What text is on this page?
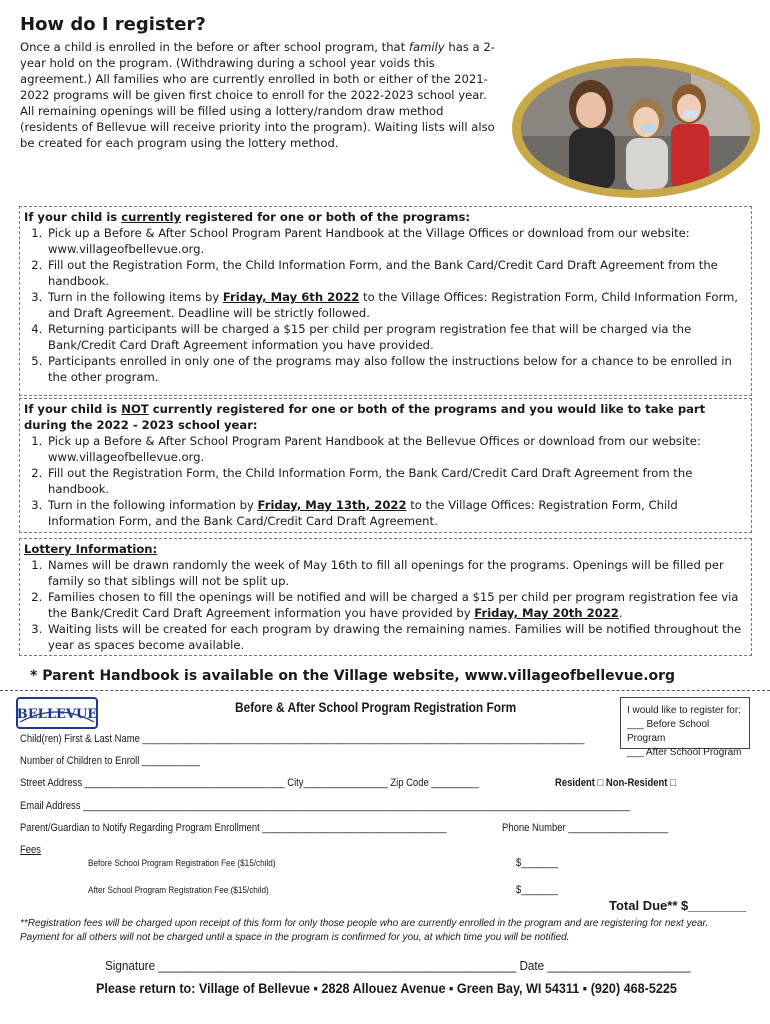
How do I register?
Once a child is enrolled in the before or after school program, that family has a 2-year hold on the program. (Withdrawing during a school year voids this agreement.) All families who are currently enrolled in both or either of the 2021-2022 programs will be given first choice to enroll for the 2022-2023 school year. All remaining openings will be filled using a lottery/random draw method (residents of Bellevue will receive priority into the program). Waiting lists will also be created for each program using the lottery method.
If your child is currently registered for one or both of the programs:
1. Pick up a Before & After School Program Parent Handbook at the Village Offices or download from our website: www.villageofbellevue.org.
2. Fill out the Registration Form, the Child Information Form, and the Bank Card/Credit Card Draft Agreement from the handbook.
3. Turn in the following items by Friday, May 6th 2022 to the Village Offices: Registration Form, Child Information Form, and Draft Agreement. Deadline will be strictly followed.
4. Returning participants will be charged a $15 per child per program registration fee that will be charged via the Bank/Credit Card Draft Agreement information you have provided.
5. Participants enrolled in only one of the programs may also follow the instructions below for a chance to be enrolled in the other program.
If your child is NOT currently registered for one or both of the programs and you would like to take part during the 2022 - 2023 school year:
1. Pick up a Before & After School Program Parent Handbook at the Bellevue Offices or download from our website: www.villageofbellevue.org.
2. Fill out the Registration Form, the Child Information Form, the Bank Card/Credit Card Draft Agreement from the handbook.
3. Turn in the following information by Friday, May 13th, 2022 to the Village Offices: Registration Form, Child Information Form, and the Bank Card/Credit Card Draft Agreement.
Lottery Information:
1. Names will be drawn randomly the week of May 16th to fill all openings for the programs. Openings will be filled per family so that siblings will not be split up.
2. Families chosen to fill the openings will be notified and will be charged a $15 per child per program registration fee via the Bank/Credit Card Draft Agreement information you have provided by Friday, May 20th 2022.
3. Waiting lists will be created for each program by drawing the remaining names. Families will be notified throughout the year as spaces become available.
* Parent Handbook is available on the Village website, www.villageofbellevue.org
BELLEVUE	Before & After School Program Registration Form	I would like to register for:
___ Before School Program
___ After School Program
Child(ren) First & Last Name ____________________________________________________________________________________
Number of Children to Enroll ___________
Street Address ______________________________________ City________________ Zip Code _________	Resident □ Non-Resident □
Email Address ________________________________________________________________________________________________________
Parent/Guardian to Notify Regarding Program Enrollment ___________________________________	Phone Number ___________________
Fees
Before School Program Registration Fee ($15/child)	$_______
After School Program Registration Fee ($15/child)	$_______
Total Due** $________
**Registration fees will be charged upon receipt of this form for only those people who are currently enrolled in the program and are registering for next year. Payment for all others will not be charged until a space in the program is confirmed for you, at which time you will be notified.
Signature _______________________________________________________ Date ______________________
Please return to: Village of Bellevue ▪ 2828 Allouez Avenue ▪ Green Bay, WI 54311 ▪ (920) 468-5225
